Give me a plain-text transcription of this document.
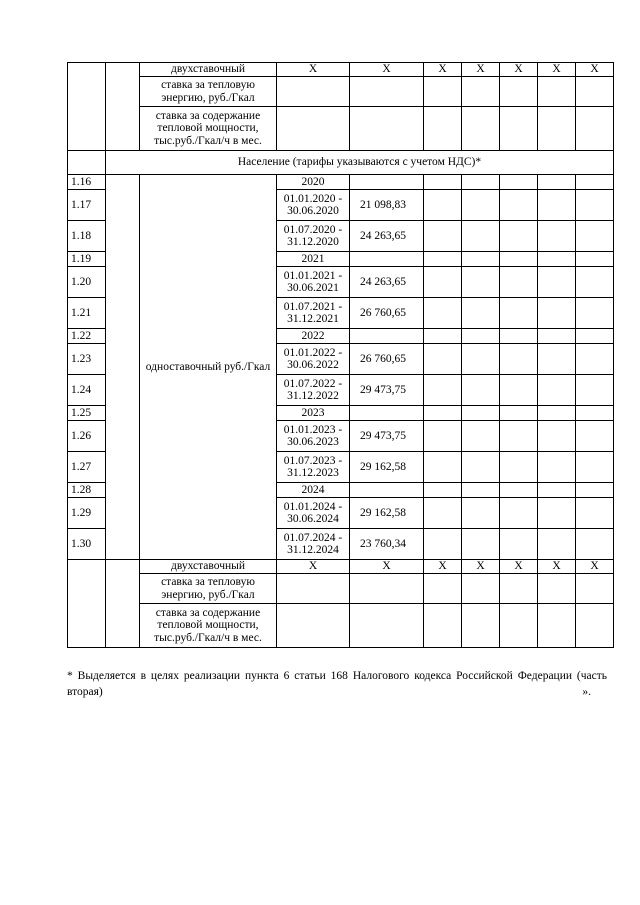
		двухставочный	Х	Х	Х	Х	Х	Х	Х
		ставка за тепловую энергию, руб./Гкал							
		ставка за содержание тепловой мощности, тыс.руб./Гкал/ч в мес.							
	Население (тарифы указываются с учетом НДС)*								
1.16		одноставочный руб./Гкал	2020						
1.17			01.01.2020 - 30.06.2020	21 098,83					
1.18			01.07.2020 - 31.12.2020	24 263,65					
1.19			2021						
1.20			01.01.2021 - 30.06.2021	24 263,65					
1.21			01.07.2021 - 31.12.2021	26 760,65					
1.22			2022						
1.23			01.01.2022 - 30.06.2022	26 760,65					
1.24			01.07.2022 - 31.12.2022	29 473,75					
1.25			2023						
1.26			01.01.2023 - 30.06.2023	29 473,75					
1.27			01.07.2023 - 31.12.2023	29 162,58					
1.28			2024						
1.29			01.01.2024 - 30.06.2024	29 162,58					
1.30			01.07.2024 - 31.12.2024	23 760,34					
		двухставочный	Х	Х	Х	Х	Х	Х	Х
		ставка за тепловую энергию, руб./Гкал							
		ставка за содержание тепловой мощности, тыс.руб./Гкал/ч в мес.							
* Выделяется в целях реализации пункта 6 статьи 168 Налогового кодекса Российской Федерации (часть вторая)	».
